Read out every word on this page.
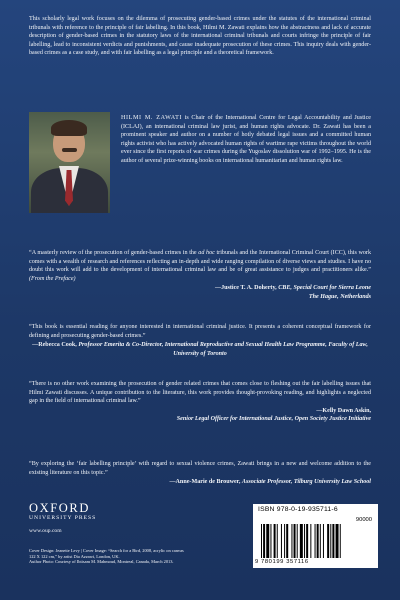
This scholarly legal work focuses on the dilemma of prosecuting gender-based crimes under the statutes of the international criminal tribunals with reference to the principle of fair labelling. In this book, Hilmi M. Zawati explains how the abstractness and lack of accurate description of gender-based crimes in the statutory laws of the international criminal tribunals and courts infringe the principle of fair labelling, lead to inconsistent verdicts and punishments, and cause inadequate prosecution of these crimes. This inquiry deals with gender-based crimes as a case study, and with fair labelling as a legal principle and a theoretical framework.

HILMI M. ZAWATI is Chair of the International Centre for Legal Accountability and Justice (ICLAJ), an international criminal law jurist, and human rights advocate. Dr. Zawati has been a prominent speaker and author on a number of hotly debated legal issues and a committed human rights activist who has actively advocated human rights of wartime rape victims throughout the world ever since the first reports of war crimes during the Yugoslav dissolution war of 1992–1995. He is the author of several prize-winning books on international humanitarian and human rights law.

“A masterly review of the prosecution of gender-based crimes in the ad hoc tribunals and the International Criminal Court (ICC), this work comes with a wealth of research and references reflecting an in-depth and wide ranging compilation of diverse views and studies. I have no doubt this work will add to the development of international criminal law and be of great assistance to judges and practitioners alike.” (From the Preface)
—Justice T. A. Doherty, CBE, Special Court for Sierra Leone
The Hague, Netherlands
“This book is essential reading for anyone interested in international criminal justice. It presents a coherent conceptual framework for defining and prosecuting gender-based crimes.”
—Rebecca Cook, Professor Emerita & Co-Director, International Reproductive and Sexual Health Law Programme, Faculty of Law, University of Toronto
“There is no other work examining the prosecution of gender related crimes that comes close to fleshing out the fair labelling issues that Hilmi Zawati discusses. A unique contribution to the literature, this work provides thought-provoking reading, and highlights a neglected gap in the field of international criminal law.”
—Kelly Dawn Askin,
Senior Legal Officer for International Justice, Open Society Justice Initiative
“By exploring the ‘fair labelling principle’ with regard to sexual violence crimes, Zawati brings in a new and welcome addition to the existing literature on this topic.”
—Anne-Marie de Brouwer, Associate Professor, Tilburg University Law School
OXFORD
UNIVERSITY PRESS
www.oup.com
Cover Design: Jeanette Levy | Cover Image: “Search for a Bird, 2008, acrylic on canvas
122 X 122 cm,” by artist Dia Azzawi, London, UK.
Author Photo: Courtesy of Ibtisam M. Mahmoud, Montreal, Canada, March 2013.
ISBN 978-0-19-935711-6
90000
9 780199 357116
